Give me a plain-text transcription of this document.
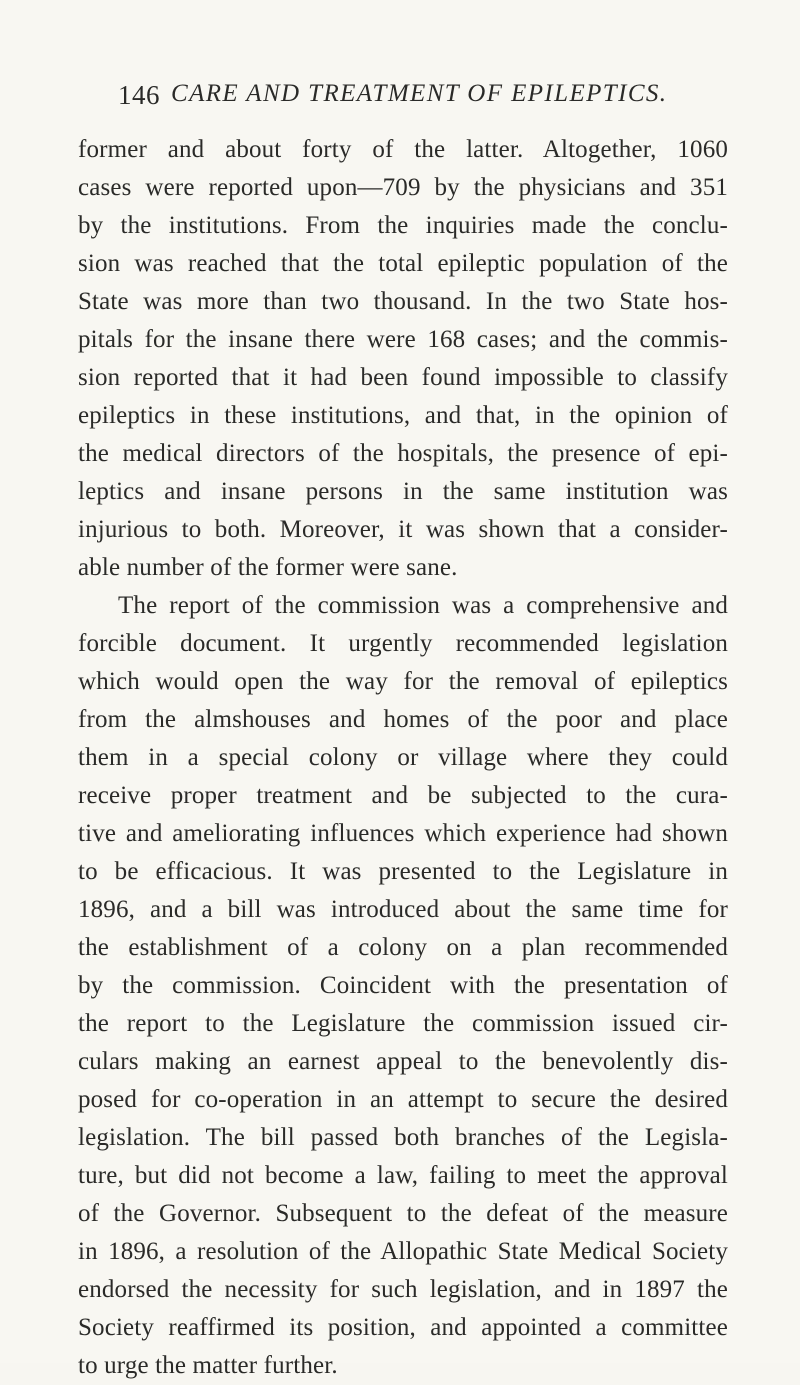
146 CARE AND TREATMENT OF EPILEPTICS.
former and about forty of the latter. Altogether, 1060
cases were reported upon—709 by the physicians and 351
by the institutions. From the inquiries made the conclu-
sion was reached that the total epileptic population of the
State was more than two thousand. In the two State hos-
pitals for the insane there were 168 cases; and the commis-
sion reported that it had been found impossible to classify
epileptics in these institutions, and that, in the opinion of
the medical directors of the hospitals, the presence of epi-
leptics and insane persons in the same institution was
injurious to both. Moreover, it was shown that a consider-
able number of the former were sane.
The report of the commission was a comprehensive and
forcible document. It urgently recommended legislation
which would open the way for the removal of epileptics
from the almshouses and homes of the poor and place
them in a special colony or village where they could
receive proper treatment and be subjected to the cura-
tive and ameliorating influences which experience had shown
to be efficacious. It was presented to the Legislature in
1896, and a bill was introduced about the same time for
the establishment of a colony on a plan recommended
by the commission. Coincident with the presentation of
the report to the Legislature the commission issued cir-
culars making an earnest appeal to the benevolently dis-
posed for co-operation in an attempt to secure the desired
legislation. The bill passed both branches of the Legisla-
ture, but did not become a law, failing to meet the approval
of the Governor. Subsequent to the defeat of the measure
in 1896, a resolution of the Allopathic State Medical Society
endorsed the necessity for such legislation, and in 1897 the
Society reaffirmed its position, and appointed a committee
to urge the matter further.
